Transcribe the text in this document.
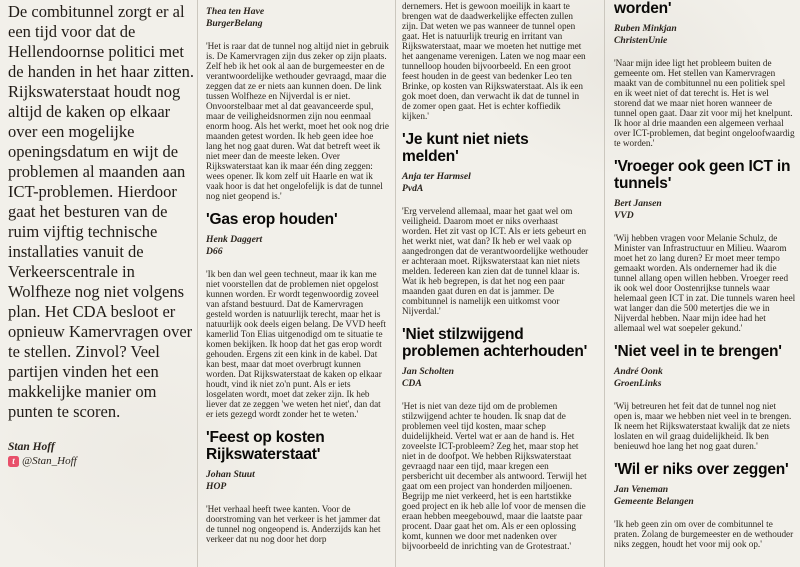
De combitunnel zorgt er al een tijd voor dat de Hellendoornse politici met de handen in het haar zitten. Rijkswaterstaat houdt nog altijd de kaken op elkaar over een mogelijke openingsdatum en wijt de problemen al maanden aan ICT-problemen. Hierdoor gaat het besturen van de ruim vijftig technische installaties vanuit de Verkeerscentrale in Wolfheze nog niet volgens plan. Het CDA besloot er opnieuw Kamervragen over te stellen. Zinvol? Veel partijen vinden het een makkelijke manier om punten te scoren.

Stan Hoff
t @Stan_Hoff
Thea ten Have
BurgerBelang

'Het is raar dat de tunnel nog altijd niet in gebruik is. De Kamervragen zijn dus zeker op zijn plaats. Zelf heb ik het ook al aan de burgemeester en de verantwoordelijke wethouder gevraagd, maar die zeggen dat ze er niets aan kunnen doen. De link tussen Wolfheze en Nijverdal is er niet. Onvoorstelbaar met al dat geavanceerde spul, maar de veiligheidsnormen zijn nou eenmaal enorm hoog. Als het werkt, moet het ook nog drie maanden getest worden. Ik heb geen idee hoe lang het nog gaat duren. Wat dat betreft weet ik niet meer dan de meeste leken. Over Rijkswaterstaat kan ik maar één ding zeggen: wees opener. Ik kom zelf uit Haarle en wat ik vaak hoor is dat het ongelofelijk is dat de tunnel nog niet geopend is.'

'Gas erop houden'
Henk Daggert
D66

'Ik ben dan wel geen techneut, maar ik kan me niet voorstellen dat de problemen niet opgelost kunnen worden. Er wordt tegenwoordig zoveel van afstand bestuurd. Dat de Kamervragen gesteld worden is natuurlijk terecht, maar het is natuurlijk ook deels eigen belang. De VVD heeft kamerlid Ton Elias uitgenodigd om te situatie te komen bekijken. Ik hoop dat het gas erop wordt gehouden. Ergens zit een kink in de kabel. Dat kan best, maar dat moet overbrugt kunnen worden. Dat Rijkswaterstaat de kaken op elkaar houdt, vind ik niet zo'n punt. Als er iets losgelaten wordt, moet dat zeker zijn. Ik heb liever dat ze zeggen 'we weten het niet', dan dat er iets gezegd wordt zonder het te weten.'

'Feest op kosten Rijkswaterstaat'
Johan Stuut
HOP

'Het verhaal heeft twee kanten. Voor de doorstroming van het verkeer is het jammer dat de tunnel nog ongeopend is. Anderzijds kan het verkeer dat nu nog door het dorp

dernemers. Het is gewoon moeilijk in kaart te brengen wat de daadwerkelijke effecten zullen zijn. Dat weten we pas wanneer de tunnel open gaat. Het is natuurlijk treurig en irritant van Rijkswaterstaat, maar we moeten het nuttige met het aangename verenigen. Laten we nog maar een tunnelloop houden bijvoorbeeld. En een groot feest houden in de geest van bedenker Leo ten Brinke, op kosten van Rijkswaterstaat. Als ik een gok moet doen, dan verwacht ik dat de tunnel in de zomer open gaat. Het is echter koffiedik kijken.'

'Je kunt niet niets melden'
Anja ter Harmsel
PvdA

'Erg vervelend allemaal, maar het gaat wel om veiligheid. Daarom moet er niks overhaast worden. Het zit vast op ICT. Als er iets gebeurt en het werkt niet, wat dan? Ik heb er wel vaak op aangedrongen dat de verantwoordelijke wethouder er achteraan moet. Rijkswaterstaat kan niet niets melden. Iedereen kan zien dat de tunnel klaar is. Wat ik heb begrepen, is dat het nog een paar maanden gaat duren en dat is jammer. De combitunnel is namelijk een uitkomst voor Nijverdal.'

'Niet stilzwijgend problemen achterhouden'
Jan Scholten
CDA

'Het is niet van deze tijd om de problemen stilzwijgend achter te houden. Ik snap dat de problemen veel tijd kosten, maar schep duidelijkheid. Vertel wat er aan de hand is. Het zoveelste ICT-probleem? Zeg het, maar stop het niet in de doofpot. We hebben Rijkswaterstaat gevraagd naar een tijd, maar kregen een persbericht uit december als antwoord. Terwijl het gaat om een project van honderden miljoenen. Begrijp me niet verkeerd, het is een hartstikke goed project en ik heb alle lof voor de mensen die eraan hebben meegebouwd, maar die laatste paar procent. Daar gaat het om. Als er een oplossing komt, kunnen we door met nadenken over bijvoorbeeld de inrichting van de Grotestraat.'

worden'
Ruben Minkjan
ChristenUnie

'Naar mijn idee ligt het probleem buiten de gemeente om. Het stellen van Kamervragen maakt van de combitunnel nu een politiek spel en ik weet niet of dat terecht is. Het is wel storend dat we maar niet horen wanneer de tunnel open gaat. Daar zit voor mij het knelpunt. Ik hoor al drie maanden een algemeen verhaal over ICT-problemen, dat begint ongeloofwaardig te worden.'

'Vroeger ook geen ICT in tunnels'
Bert Jansen
VVD

'Wij hebben vragen voor Melanie Schulz, de Minister van Infrastructuur en Milieu. Waarom moet het zo lang duren? Er moet meer tempo gemaakt worden. Als ondernemer had ik die tunnel allang open willen hebben. Vroeger reed ik ook wel door Oostenrijkse tunnels waar helemaal geen ICT in zat. Die tunnels waren heel wat langer dan die 500 metertjes die we in Nijverdal hebben. Naar mijn idee had het allemaal wel wat soepeler gekund.'

'Niet veel in te brengen'
André Oonk
GroenLinks

'Wij betreuren het feit dat de tunnel nog niet open is, maar we hebben niet veel in te brengen. Ik neem het Rijkswaterstaat kwalijk dat ze niets loslaten en wil graag duidelijkheid. Ik ben benieuwd hoe lang het nog gaat duren.'

'Wil er niks over zeggen'
Jan Veneman
Gemeente Belangen

'Ik heb geen zin om over de combitunnel te praten. Zolang de burgemeester en de wethouder niks zeggen, houdt het voor mij ook op.'
